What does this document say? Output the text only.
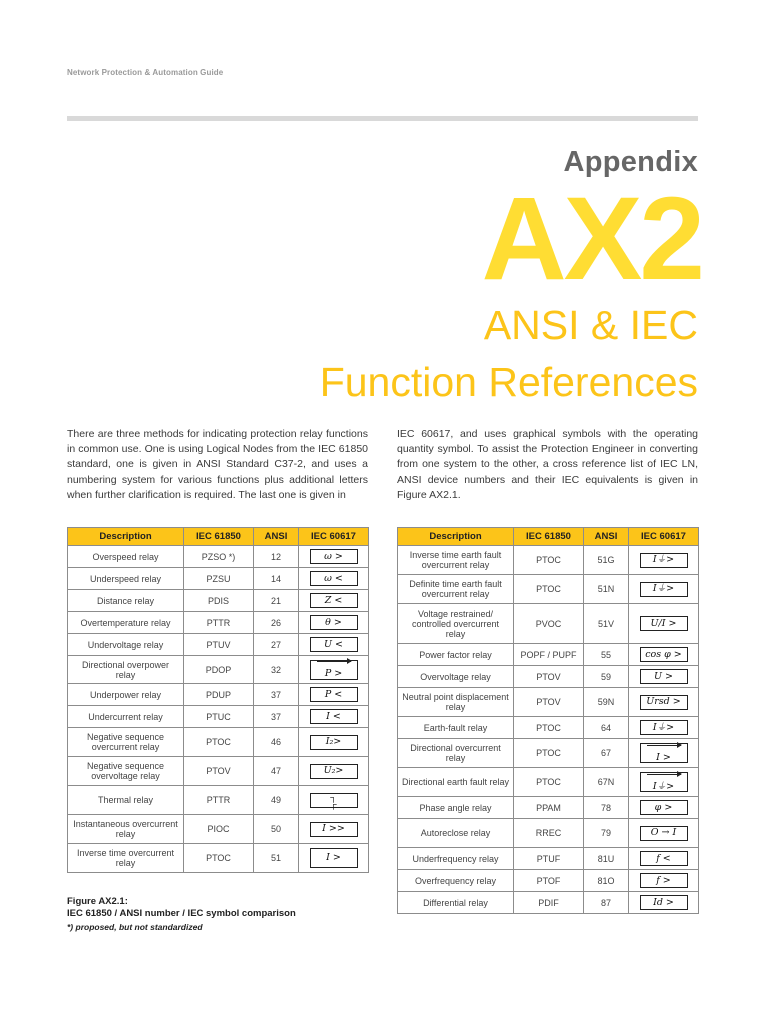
Network Protection & Automation Guide
Appendix
AX2
ANSI & IEC
Function References

There are three methods for indicating protection relay functions in common use. One is using Logical Nodes from the IEC 61850 standard, one is given in ANSI Standard C37-2, and uses a numbering system for various functions plus additional letters when further clarification is required. The last one is given in

IEC 60617, and uses graphical symbols with the operating quantity symbol. To assist the Protection Engineer in converting from one system to the other, a cross reference list of IEC LN, ANSI device numbers and their IEC equivalents is given in Figure AX2.1.

Description	IEC 61850	ANSI	IEC 60617
Overspeed relay	PZSO *)	12	ω >

Underspeed relay	PZSU	14	ω <

Distance relay	PDIS	21	Z <

Overtemperature relay	PTTR	26	θ >

Undervoltage relay	PTUV	27	U <

Directional overpower relay	PDOP	32	P >

Underpower relay	PDUP	37	P <

Undercurrent relay	PTUC	37	I <

Negative sequence overcurrent relay	PTOC	46	I₂>

Negative sequence overvoltage relay	PTOV	47	U₂>

Thermal relay	PTTR	49	┐
┌

Instantaneous overcurrent relay	PIOC	50	I >>

Inverse time overcurrent relay	PTOC	51	I >
Description	IEC 61850	ANSI	IEC 60617
Inverse time earth fault overcurrent relay	PTOC	51G	I⏚>

Definite time earth fault overcurrent relay	PTOC	51N	I⏚>

Voltage restrained/ controlled overcurrent relay	PVOC	51V	U/I >

Power factor relay	POPF / PUPF	55	cos φ >

Overvoltage relay	PTOV	59	U >

Neutral point displacement relay	PTOV	59N	Ursd >

Earth-fault relay	PTOC	64	I⏚>

Directional overcurrent relay	PTOC	67	I >

Directional earth fault relay	PTOC	67N	I⏚>

Phase angle relay	PPAM	78	φ >

Autoreclose relay	RREC	79	O → I

Underfrequency relay	PTUF	81U	f <

Overfrequency relay	PTOF	81O	f >

Differential relay	PDIF	87	Id >
Figure AX2.1:
IEC 61850 / ANSI number / IEC symbol comparison
*) proposed, but not standardized
